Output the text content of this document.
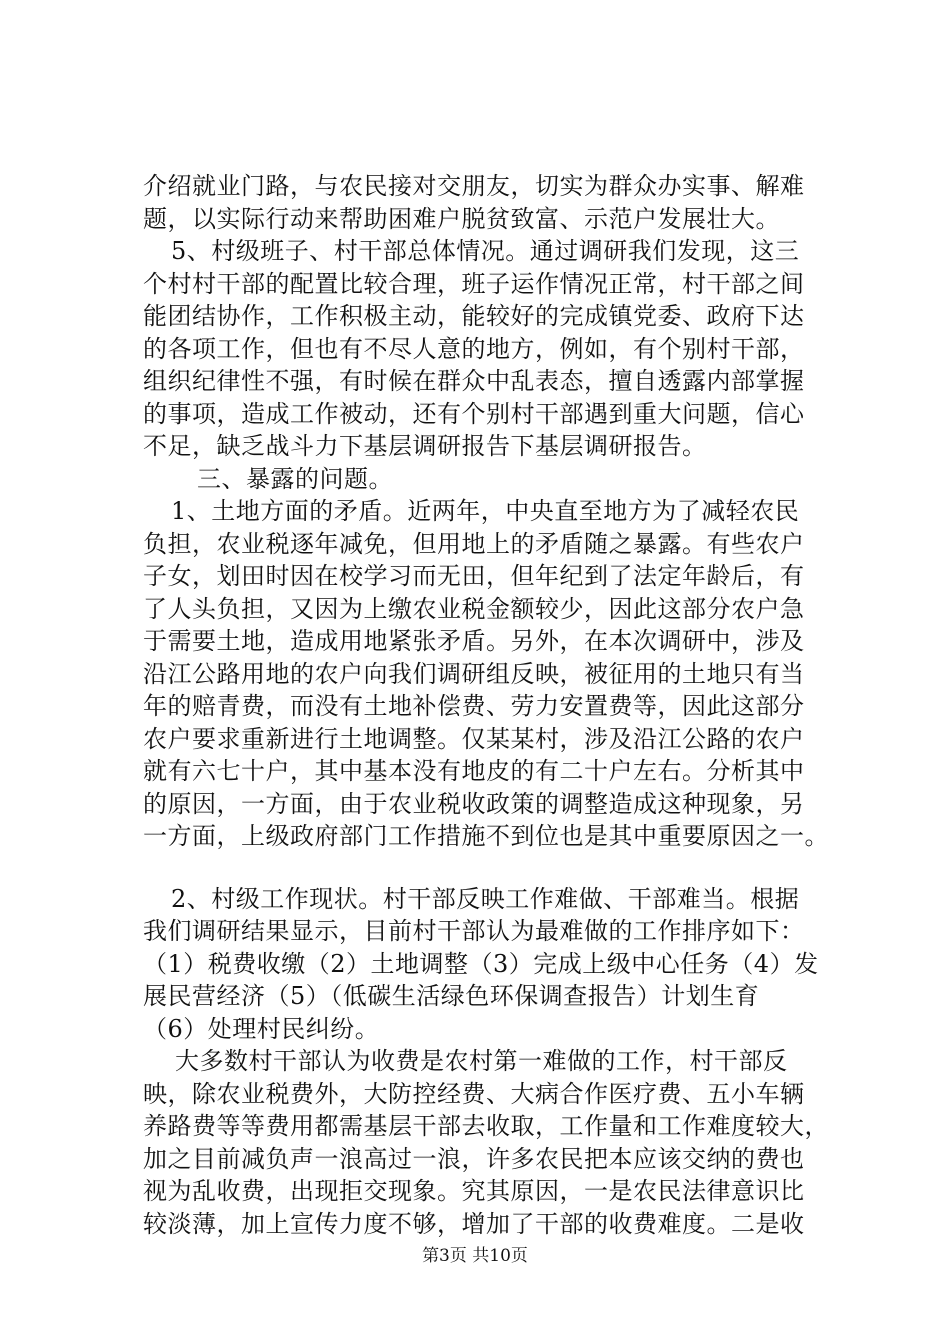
介绍就业门路，与农民接对交朋友，切实为群众办实事、解难
题，以实际行动来帮助困难户脱贫致富、示范户发展壮大。
5、村级班子、村干部总体情况。通过调研我们发现，这三
个村村干部的配置比较合理，班子运作情况正常，村干部之间
能团结协作，工作积极主动，能较好的完成镇党委、政府下达
的各项工作，但也有不尽人意的地方，例如，有个别村干部，
组织纪律性不强，有时候在群众中乱表态，擅自透露内部掌握
的事项，造成工作被动，还有个别村干部遇到重大问题，信心
不足，缺乏战斗力下基层调研报告下基层调研报告。
三、暴露的问题。
1、土地方面的矛盾。近两年，中央直至地方为了减轻农民
负担，农业税逐年减免，但用地上的矛盾随之暴露。有些农户
子女，划田时因在校学习而无田，但年纪到了法定年龄后，有
了人头负担，又因为上缴农业税金额较少，因此这部分农户急
于需要土地，造成用地紧张矛盾。另外，在本次调研中，涉及
沿江公路用地的农户向我们调研组反映，被征用的土地只有当
年的赔青费，而没有土地补偿费、劳力安置费等，因此这部分
农户要求重新进行土地调整。仅某某村，涉及沿江公路的农户
就有六七十户，其中基本没有地皮的有二十户左右。分析其中
的原因，一方面，由于农业税收政策的调整造成这种现象，另
一方面，上级政府部门工作措施不到位也是其中重要原因之一。
2、村级工作现状。村干部反映工作难做、干部难当。根据
我们调研结果显示，目前村干部认为最难做的工作排序如下：
（1）税费收缴（2）土地调整（3）完成上级中心任务（4）发
展民营经济（5）（低碳生活绿色环保调查报告）计划生育
（6）处理村民纠纷。
大多数村干部认为收费是农村第一难做的工作，村干部反
映，除农业税费外，大防控经费、大病合作医疗费、五小车辆
养路费等等费用都需基层干部去收取，工作量和工作难度较大，
加之目前减负声一浪高过一浪，许多农民把本应该交纳的费也
视为乱收费，出现拒交现象。究其原因，一是农民法律意识比
较淡薄，加上宣传力度不够，增加了干部的收费难度。二是收
第3页 共10页
